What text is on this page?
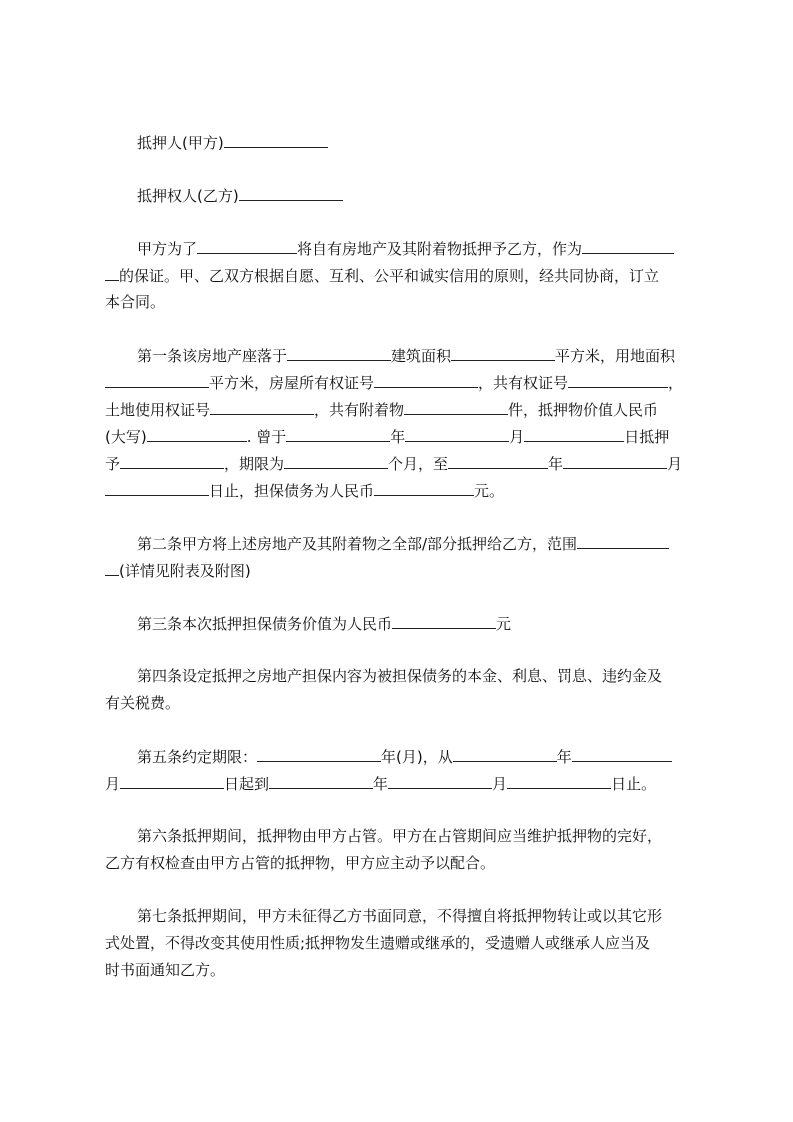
抵押人(甲方)
抵押权人(乙方)
甲方为了	将自有房地产及其附着物抵押予乙方，作为
的保证。甲、乙双方根据自愿、互利、公平和诚实信用的原则，经共同协商，订立
本合同。
第一条该房地产座落于	建筑面积	平方米，用地面积
平方米，房屋所有权证号	，共有权证号	，
土地使用权证号	，共有附着物	件，抵押物价值人民币
(大写)	. 曾于	年	月	日抵押
予	，期限为	个月，至	年	月
日止，担保债务为人民币	元。
第二条甲方将上述房地产及其附着物之全部/部分抵押给乙方，范围
(详情见附表及附图)
第三条本次抵押担保债务价值为人民币	元
第四条设定抵押之房地产担保内容为被担保债务的本金、利息、罚息、违约金及
有关税费。
第五条约定期限：	年(月)，从	年
月	日起到	年	月	日止。
第六条抵押期间，抵押物由甲方占管。甲方在占管期间应当维护抵押物的完好，
乙方有权检查由甲方占管的抵押物，甲方应主动予以配合。
第七条抵押期间，甲方未征得乙方书面同意，不得擅自将抵押物转让或以其它形
式处置，不得改变其使用性质;抵押物发生遗赠或继承的，受遗赠人或继承人应当及
时书面通知乙方。
